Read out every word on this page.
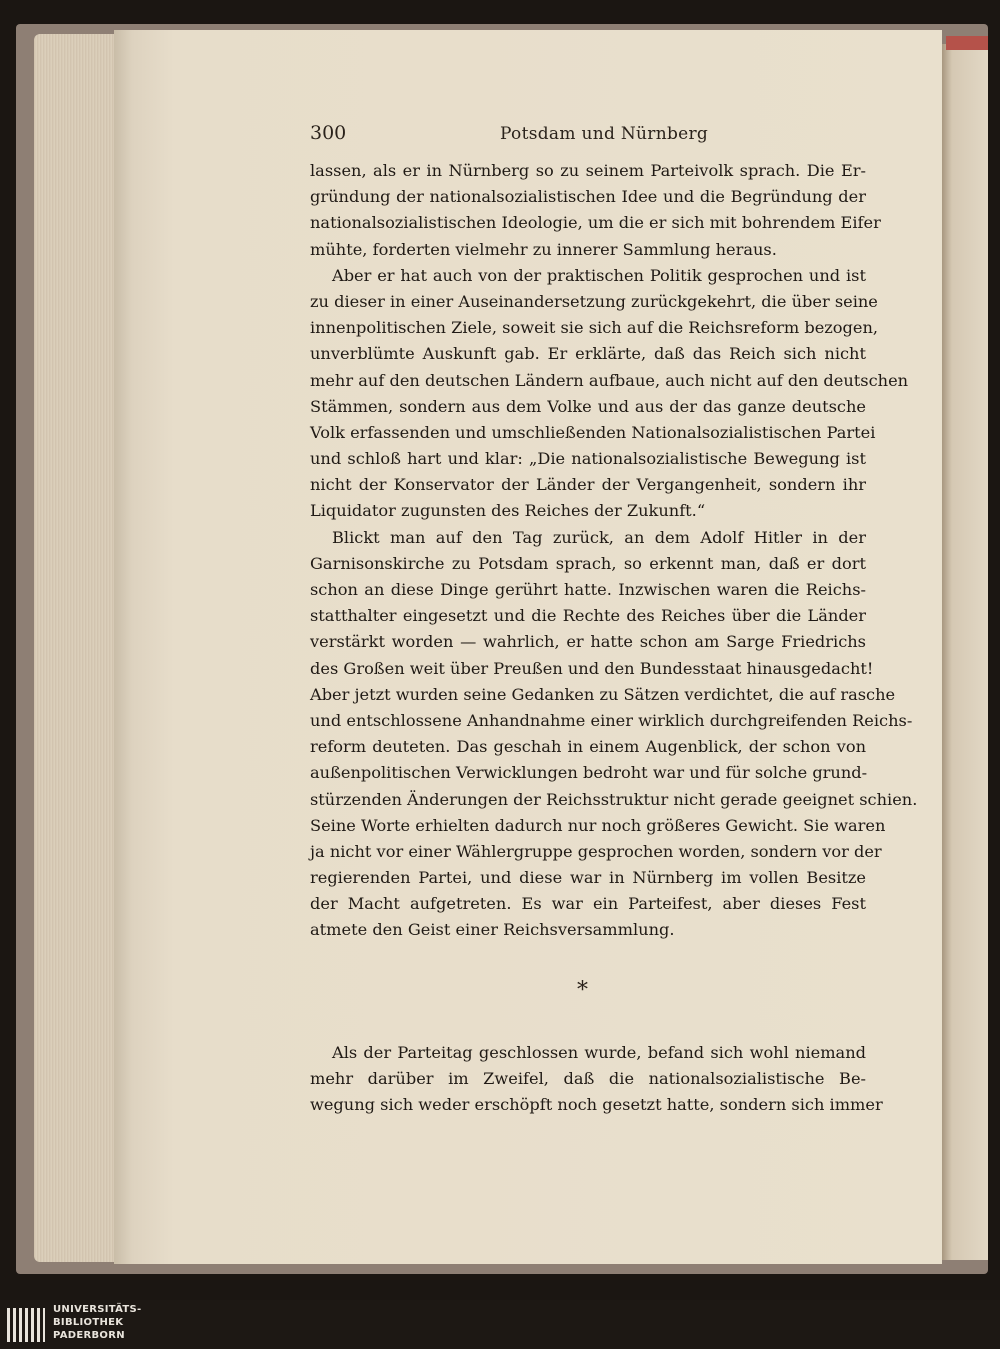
300	Potsdam und Nürnberg
lassen, als er in Nürnberg so zu seinem Parteivolk sprach. Die Er-
gründung der nationalsozialistischen Idee und die Begründung der
nationalsozialistischen Ideologie, um die er sich mit bohrendem Eifer
mühte, forderten vielmehr zu innerer Sammlung heraus.
Aber er hat auch von der praktischen Politik gesprochen und ist
zu dieser in einer Auseinandersetzung zurückgekehrt, die über seine
innenpolitischen Ziele, soweit sie sich auf die Reichsreform bezogen,
unverblümte Auskunft gab. Er erklärte, daß das Reich sich nicht
mehr auf den deutschen Ländern aufbaue, auch nicht auf den deutschen
Stämmen, sondern aus dem Volke und aus der das ganze deutsche
Volk erfassenden und umschließenden Nationalsozialistischen Partei
und schloß hart und klar: „Die nationalsozialistische Bewegung ist
nicht der Konservator der Länder der Vergangenheit, sondern ihr
Liquidator zugunsten des Reiches der Zukunft.“
Blickt man auf den Tag zurück, an dem Adolf Hitler in der
Garnisonskirche zu Potsdam sprach, so erkennt man, daß er dort
schon an diese Dinge gerührt hatte. Inzwischen waren die Reichs-
statthalter eingesetzt und die Rechte des Reiches über die Länder
verstärkt worden — wahrlich, er hatte schon am Sarge Friedrichs
des Großen weit über Preußen und den Bundesstaat hinausgedacht!
Aber jetzt wurden seine Gedanken zu Sätzen verdichtet, die auf rasche
und entschlossene Anhandnahme einer wirklich durchgreifenden Reichs-
reform deuteten. Das geschah in einem Augenblick, der schon von
außenpolitischen Verwicklungen bedroht war und für solche grund-
stürzenden Änderungen der Reichsstruktur nicht gerade geeignet schien.
Seine Worte erhielten dadurch nur noch größeres Gewicht. Sie waren
ja nicht vor einer Wählergruppe gesprochen worden, sondern vor der
regierenden Partei, und diese war in Nürnberg im vollen Besitze
der Macht aufgetreten. Es war ein Parteifest, aber dieses Fest
atmete den Geist einer Reichsversammlung.
*
Als der Parteitag geschlossen wurde, befand sich wohl niemand
mehr darüber im Zweifel, daß die nationalsozialistische Be-
wegung sich weder erschöpft noch gesetzt hatte, sondern sich immer
UNIVERSITÄTS-
BIBLIOTHEK
PADERBORN
